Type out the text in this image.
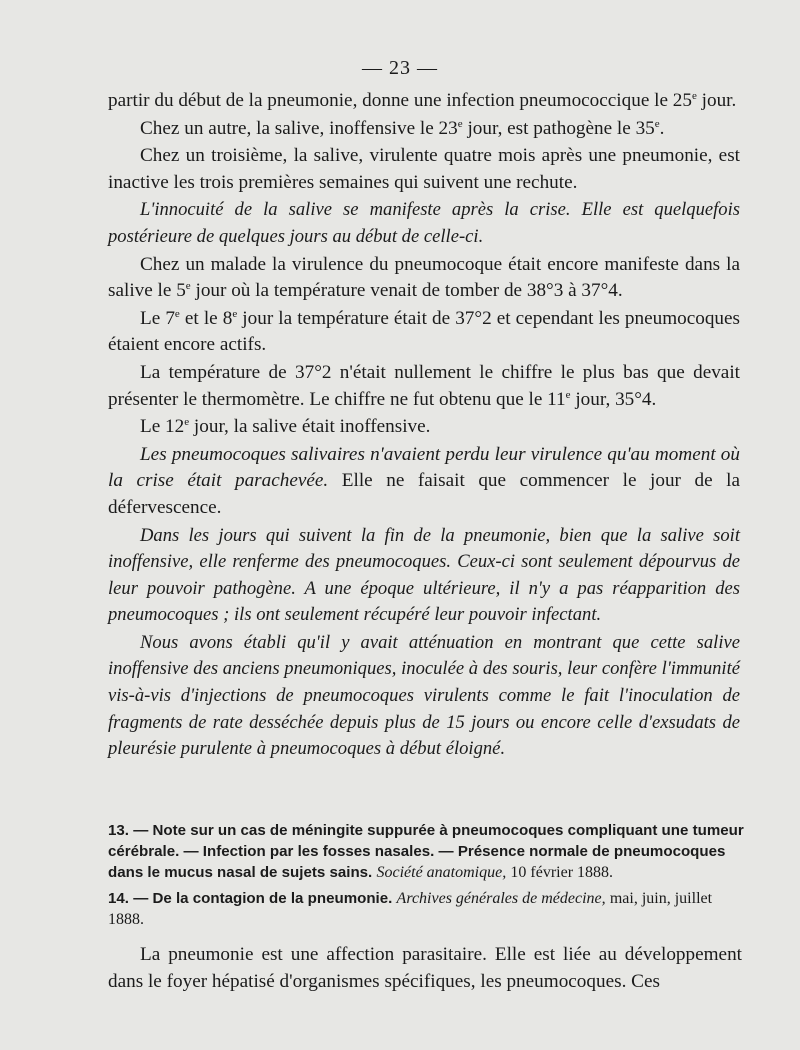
— 23 —

partir du début de la pneumonie, donne une infection pneumococcique le 25e jour.

Chez un autre, la salive, inoffensive le 23e jour, est pathogène le 35e.

Chez un troisième, la salive, virulente quatre mois après une pneumonie, est inactive les trois premières semaines qui suivent une rechute.

L'innocuité de la salive se manifeste après la crise. Elle est quelquefois postérieure de quelques jours au début de celle-ci.

Chez un malade la virulence du pneumocoque était encore manifeste dans la salive le 5e jour où la température venait de tomber de 38°3 à 37°4.

Le 7e et le 8e jour la température était de 37°2 et cependant les pneumocoques étaient encore actifs.

La température de 37°2 n'était nullement le chiffre le plus bas que devait présenter le thermomètre. Le chiffre ne fut obtenu que le 11e jour, 35°4.

Le 12e jour, la salive était inoffensive.

Les pneumocoques salivaires n'avaient perdu leur virulence qu'au moment où la crise était parachevée. Elle ne faisait que commencer le jour de la défervescence.

Dans les jours qui suivent la fin de la pneumonie, bien que la salive soit inoffensive, elle renferme des pneumocoques. Ceux-ci sont seulement dépourvus de leur pouvoir pathogène. A une époque ultérieure, il n'y a pas réapparition des pneumocoques ; ils ont seulement récupéré leur pouvoir infectant.

Nous avons établi qu'il y avait atténuation en montrant que cette salive inoffensive des anciens pneumoniques, inoculée à des souris, leur confère l'immunité vis-à-vis d'injections de pneumocoques virulents comme le fait l'inoculation de fragments de rate desséchée depuis plus de 15 jours ou encore celle d'exsudats de pleurésie purulente à pneumocoques à début éloigné.

13. — Note sur un cas de méningite suppurée à pneumocoques compliquant une tumeur cérébrale. — Infection par les fosses nasales. — Présence normale de pneumocoques dans le mucus nasal de sujets sains. Société anatomique, 10 février 1888.
14. — De la contagion de la pneumonie. Archives générales de médecine, mai, juin, juillet 1888.

La pneumonie est une affection parasitaire. Elle est liée au développement dans le foyer hépatisé d'organismes spécifiques, les pneumocoques. Ces
